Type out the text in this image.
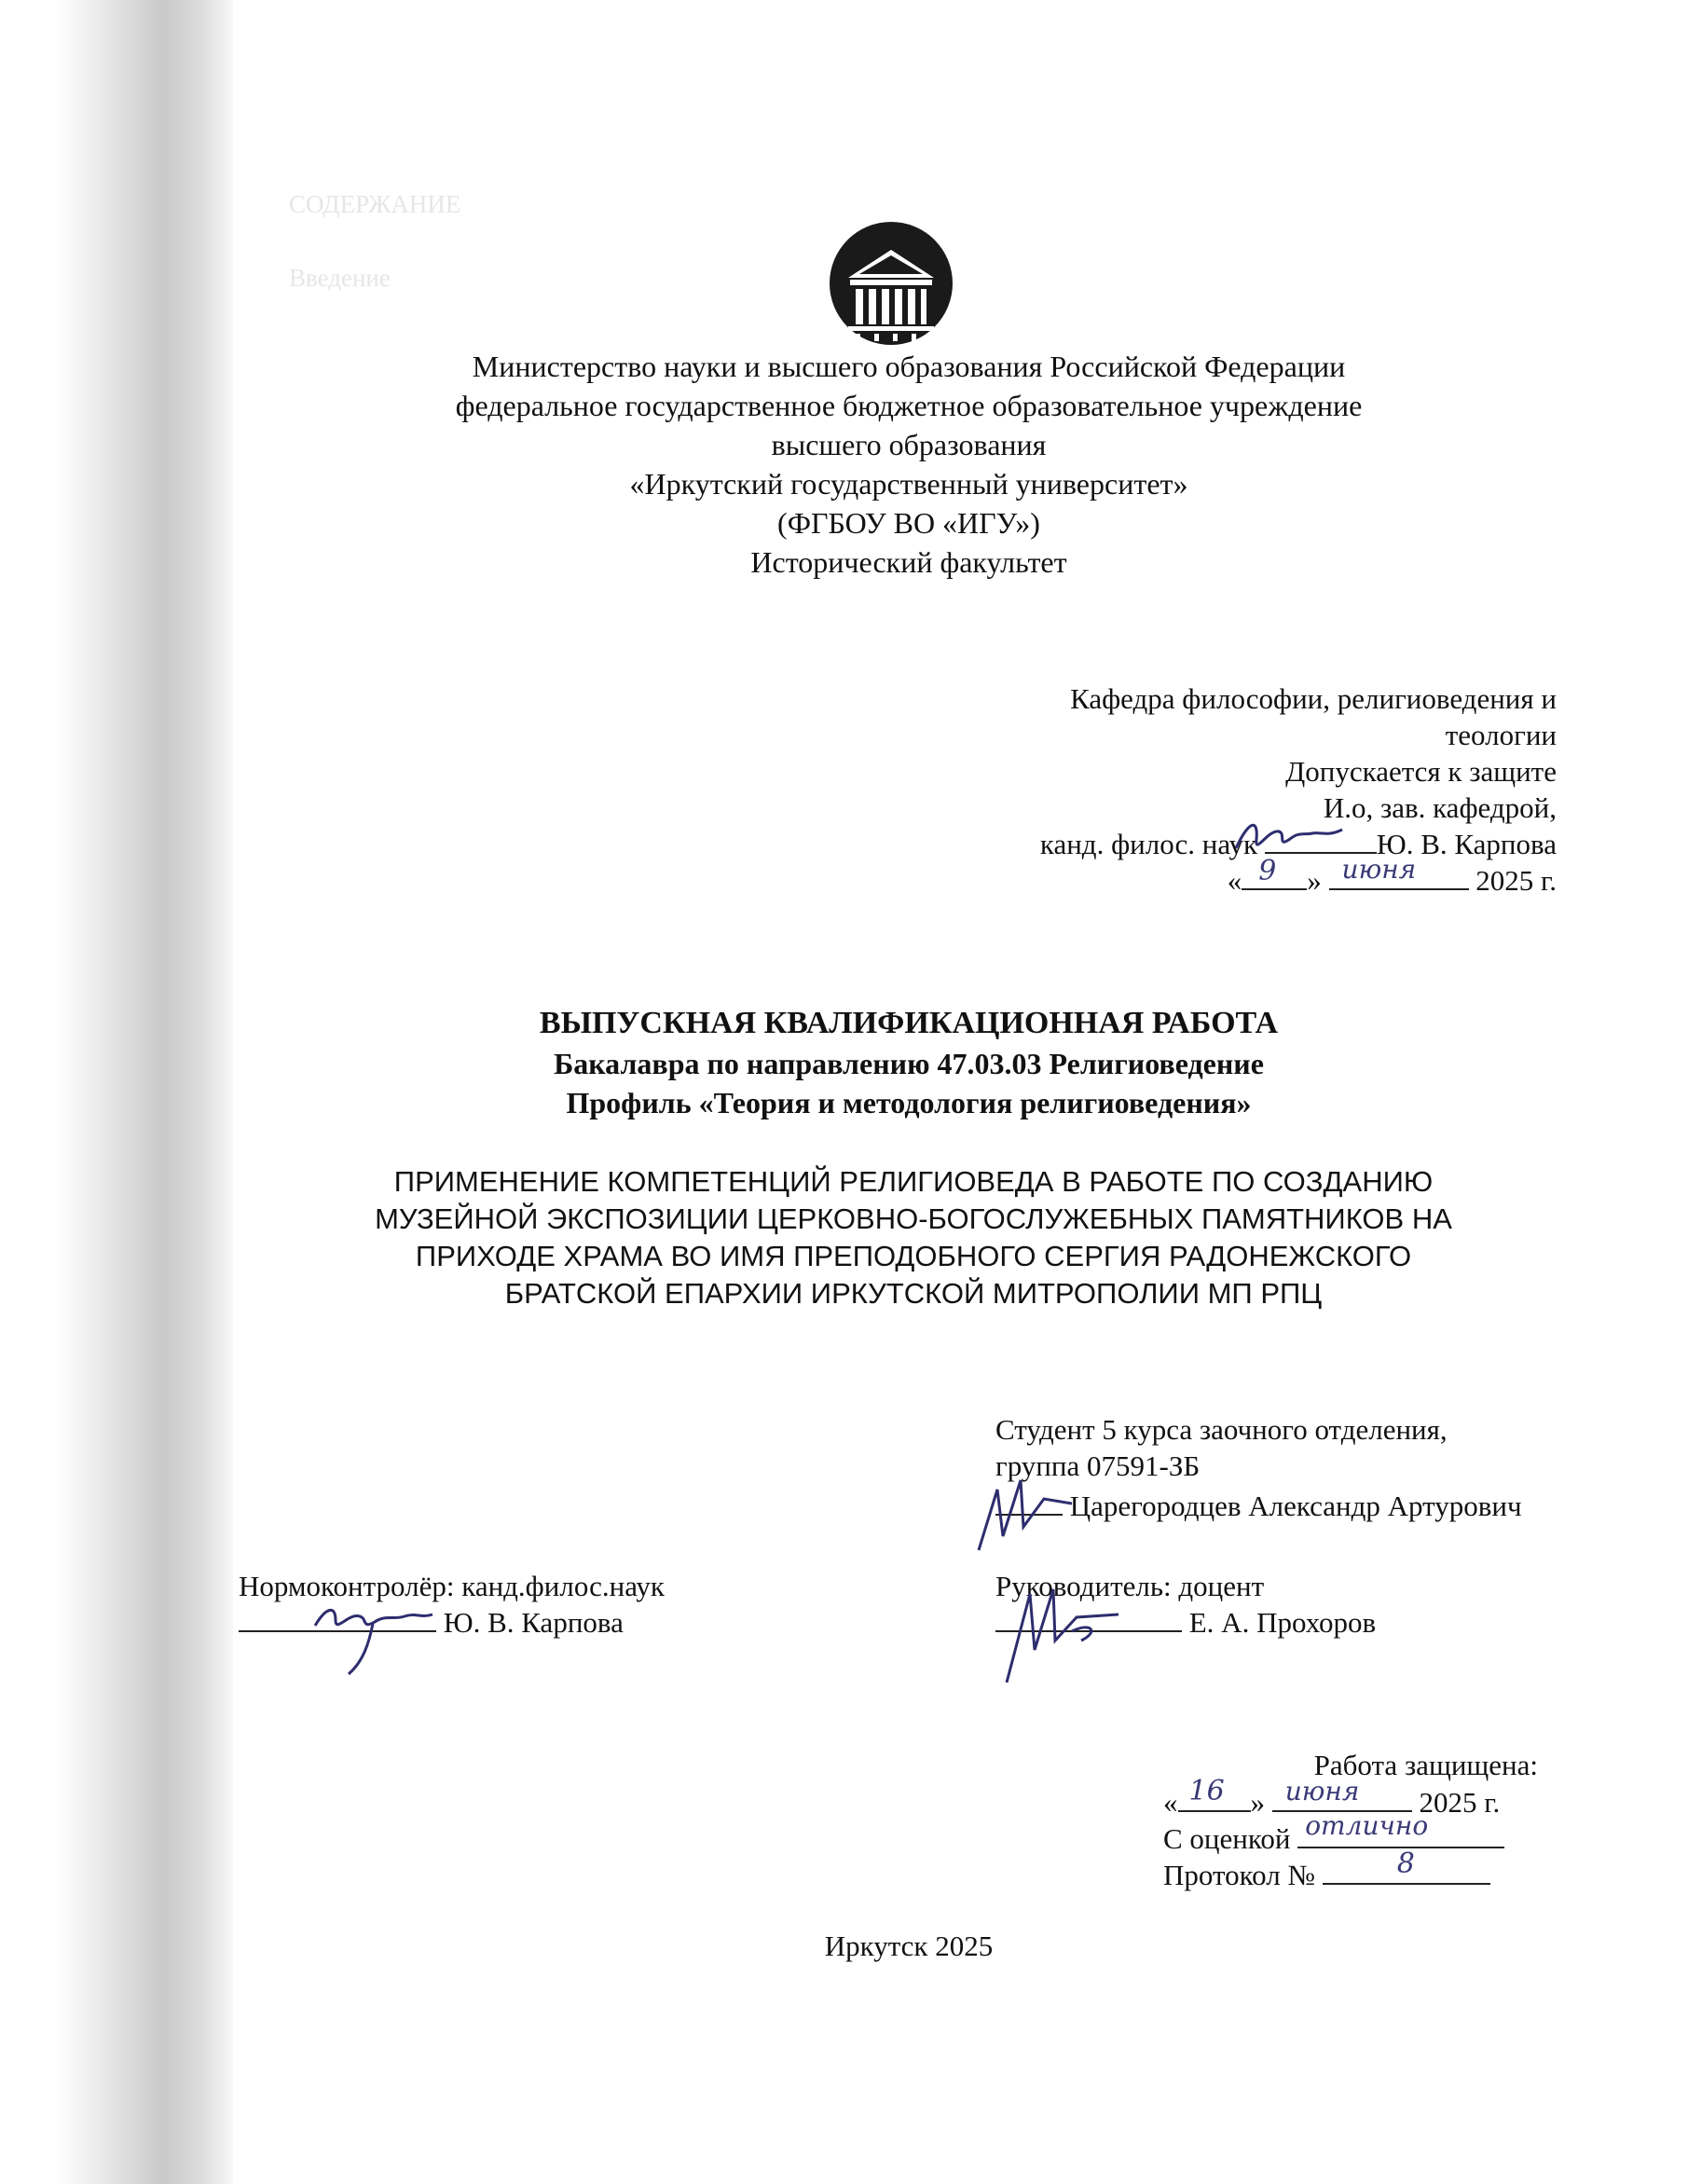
СОДЕРЖАНИЕ
Введение
Министерство науки и высшего образования Российской Федерации
федеральное государственное бюджетное образовательное учреждение
высшего образования
«Иркутский государственный университет»
(ФГБОУ ВО «ИГУ»)
Исторический факультет
Кафедра философии, религиоведения и
теологии
Допускается к защите
И.о, зав. кафедрой,
канд. филос. наук	Ю. В. Карпова
« 9 » июня 2025 г.
ВЫПУСКНАЯ КВАЛИФИКАЦИОННАЯ РАБОТА
Бакалавра по направлению 47.03.03 Религиоведение
Профиль «Теория и методология религиоведения»
ПРИМЕНЕНИЕ КОМПЕТЕНЦИЙ РЕЛИГИОВЕДА В РАБОТЕ ПО СОЗДАНИЮ
МУЗЕЙНОЙ ЭКСПОЗИЦИИ ЦЕРКОВНО-БОГОСЛУЖЕБНЫХ ПАМЯТНИКОВ НА
ПРИХОДЕ ХРАМА ВО ИМЯ ПРЕПОДОБНОГО СЕРГИЯ РАДОНЕЖСКОГО
БРАТСКОЙ ЕПАРХИИ ИРКУТСКОЙ МИТРОПОЛИИ МП РПЦ
Студент 5 курса заочного отделения,
группа 07591-ЗБ
Царегородцев Александр Артурович
Нормоконтролёр: канд.филос.наук
Ю. В. Карпова
Руководитель: доцент
Е. А. Прохоров
Работа защищена:
« 16 » июня 2025 г.
С оценкой отлично
Протокол №	8
Иркутск 2025
